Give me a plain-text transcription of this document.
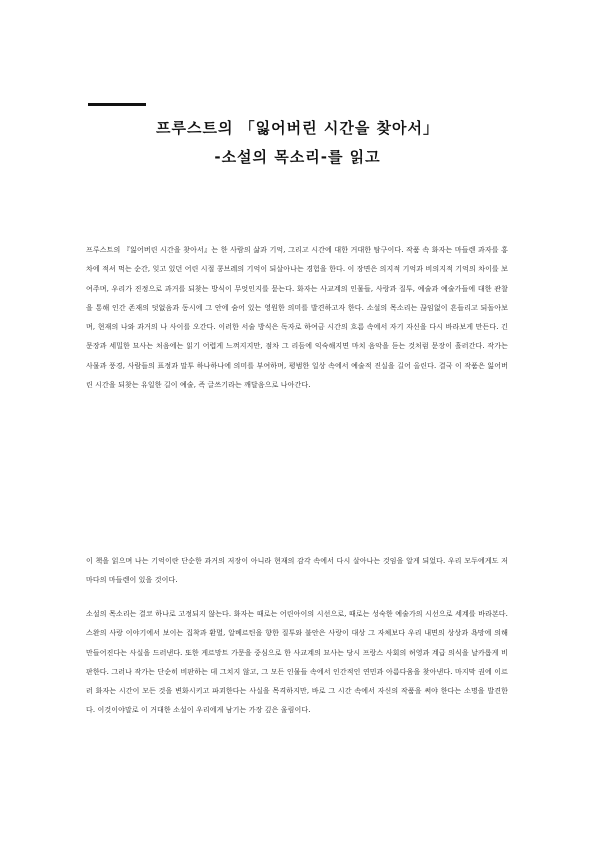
프루스트의 「잃어버린 시간을 찾아서」
-소설의 목소리-를 읽고

프루스트의 『잃어버린 시간을 찾아서』는 한 사람의 삶과 기억, 그리고 시간에 대한 거대한 탐구이다. 작품 속 화자는 마들렌 과자를 홍차에 적셔 먹는 순간, 잊고 있던 어린 시절 콩브레의 기억이 되살아나는 경험을 한다. 이 장면은 의지적 기억과 비의지적 기억의 차이를 보여주며, 우리가 진정으로 과거를 되찾는 방식이 무엇인지를 묻는다. 화자는 사교계의 인물들, 사랑과 질투, 예술과 예술가들에 대한 관찰을 통해 인간 존재의 덧없음과 동시에 그 안에 숨어 있는 영원한 의미를 발견하고자 한다. 소설의 목소리는 끊임없이 흔들리고 되돌아보며, 현재의 나와 과거의 나 사이를 오간다. 이러한 서술 방식은 독자로 하여금 시간의 흐름 속에서 자기 자신을 다시 바라보게 만든다. 긴 문장과 세밀한 묘사는 처음에는 읽기 어렵게 느껴지지만, 점차 그 리듬에 익숙해지면 마치 음악을 듣는 것처럼 문장이 흘러간다. 작가는 사물과 풍경, 사람들의 표정과 말투 하나하나에 의미를 부여하며, 평범한 일상 속에서 예술적 진실을 길어 올린다. 결국 이 작품은 잃어버린 시간을 되찾는 유일한 길이 예술, 즉 글쓰기라는 깨달음으로 나아간다.

이 책을 읽으며 나는 기억이란 단순한 과거의 저장이 아니라 현재의 감각 속에서 다시 살아나는 것임을 알게 되었다. 우리 모두에게도 저마다의 마들렌이 있을 것이다.

소설의 목소리는 결코 하나로 고정되지 않는다. 화자는 때로는 어린아이의 시선으로, 때로는 성숙한 예술가의 시선으로 세계를 바라본다. 스완의 사랑 이야기에서 보이는 집착과 환멸, 알베르틴을 향한 질투와 불안은 사랑이 대상 그 자체보다 우리 내면의 상상과 욕망에 의해 만들어진다는 사실을 드러낸다. 또한 게르망트 가문을 중심으로 한 사교계의 묘사는 당시 프랑스 사회의 허영과 계급 의식을 날카롭게 비판한다. 그러나 작가는 단순히 비판하는 데 그치지 않고, 그 모든 인물들 속에서 인간적인 연민과 아름다움을 찾아낸다. 마지막 권에 이르러 화자는 시간이 모든 것을 변화시키고 파괴한다는 사실을 목격하지만, 바로 그 시간 속에서 자신의 작품을 써야 한다는 소명을 발견한다. 이것이야말로 이 거대한 소설이 우리에게 남기는 가장 깊은 울림이다.
